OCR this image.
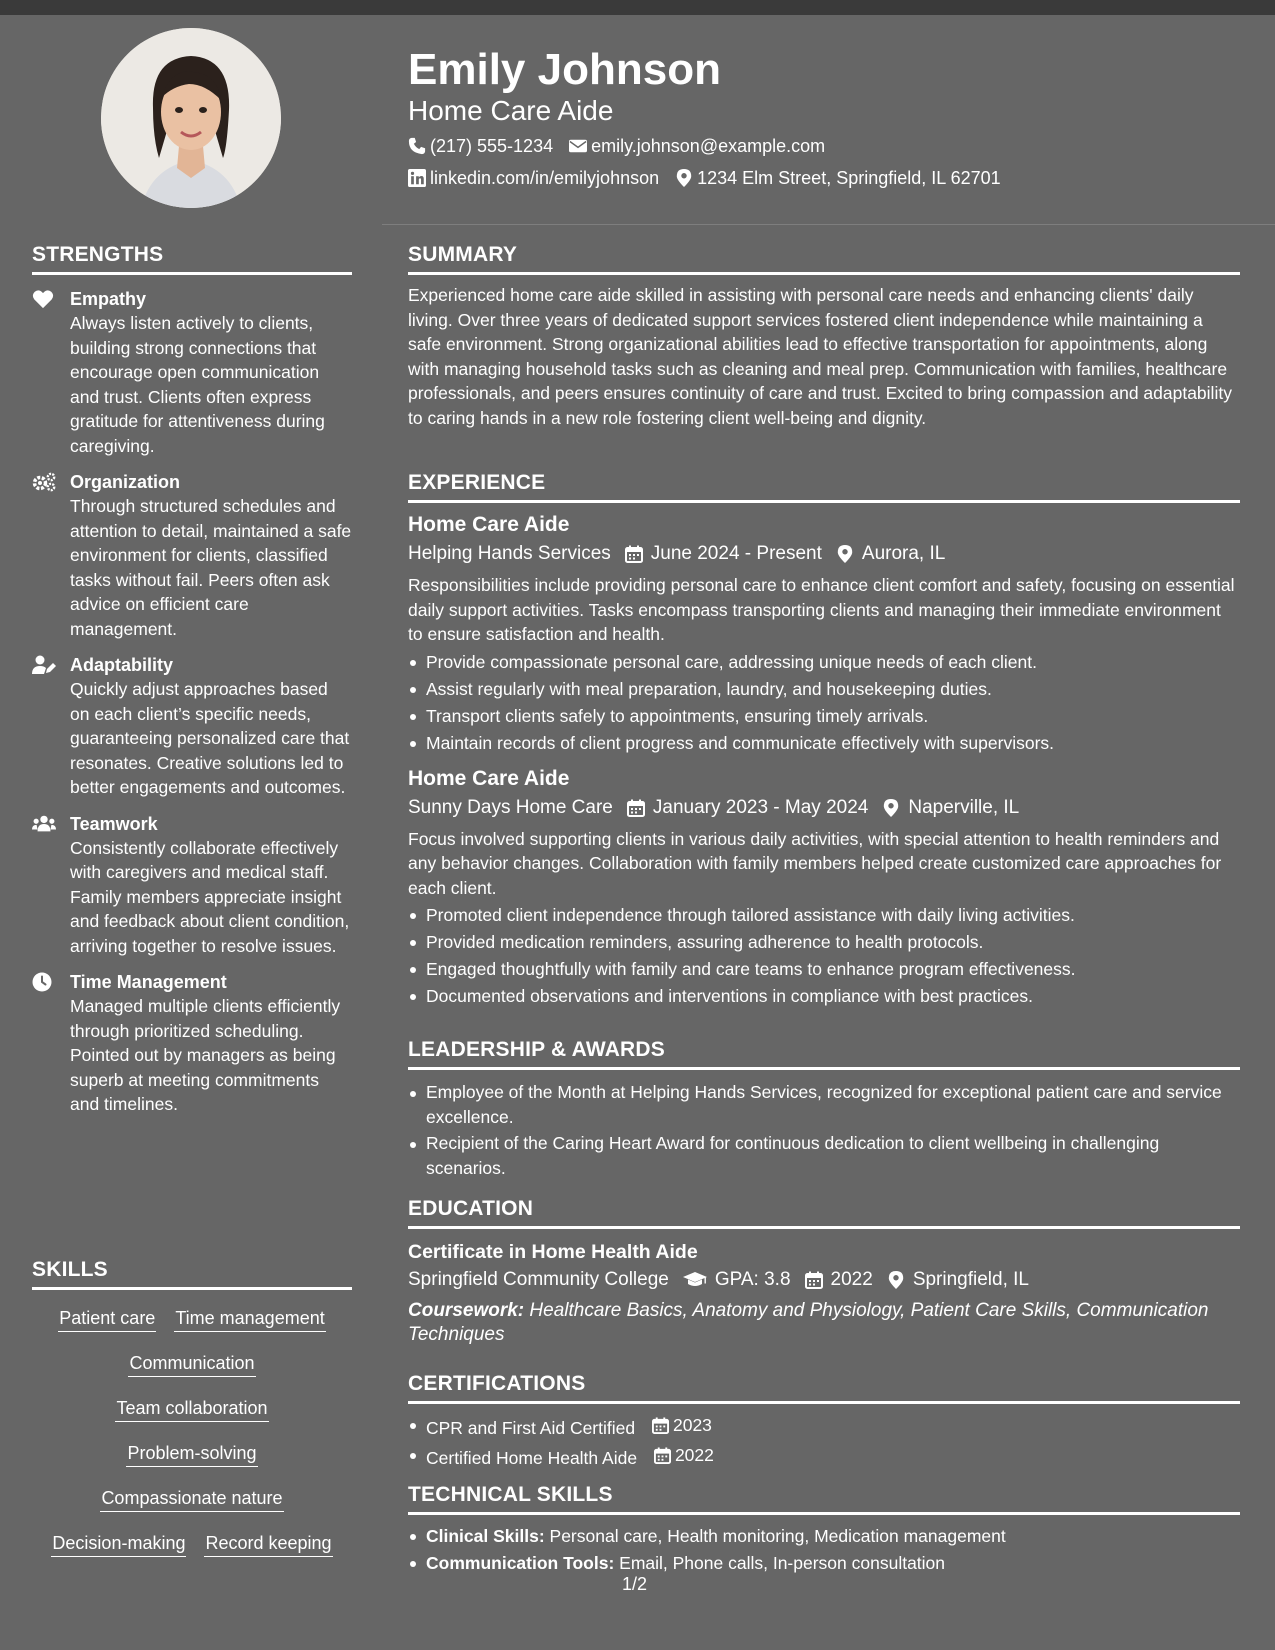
STRENGTHS
Empathy
Always listen actively to clients, building strong connections that encourage open communication and trust. Clients often express gratitude for attentiveness during caregiving.
Organization
Through structured schedules and attention to detail, maintained a safe environment for clients, classified tasks without fail. Peers often ask advice on efficient care management.
Adaptability
Quickly adjust approaches based on each client’s specific needs, guaranteeing personalized care that resonates. Creative solutions led to better engagements and outcomes.
Teamwork
Consistently collaborate effectively with caregivers and medical staff. Family members appreciate insight and feedback about client condition, arriving together to resolve issues.
Time Management
Managed multiple clients efficiently through prioritized scheduling. Pointed out by managers as being superb at meeting commitments and timelines.
SKILLS
Patient care Time management
Communication
Team collaboration
Problem-solving
Compassionate nature
Decision-making Record keeping
Emily Johnson
Home Care Aide
(217) 555-1234 emily.johnson@example.com
linkedin.com/in/emilyjohnson 1234 Elm Street, Springfield, IL 62701
SUMMARY
Experienced home care aide skilled in assisting with personal care needs and enhancing clients' daily living. Over three years of dedicated support services fostered client independence while maintaining a safe environment. Strong organizational abilities lead to effective transportation for appointments, along with managing household tasks such as cleaning and meal prep. Communication with families, healthcare professionals, and peers ensures continuity of care and trust. Excited to bring compassion and adaptability to caring hands in a new role fostering client well-being and dignity.
EXPERIENCE
Home Care Aide
Helping Hands Services June 2024 - Present Aurora, IL
Responsibilities include providing personal care to enhance client comfort and safety, focusing on essential daily support activities. Tasks encompass transporting clients and managing their immediate environment to ensure satisfaction and health.
Provide compassionate personal care, addressing unique needs of each client.
Assist regularly with meal preparation, laundry, and housekeeping duties.
Transport clients safely to appointments, ensuring timely arrivals.
Maintain records of client progress and communicate effectively with supervisors.
Home Care Aide
Sunny Days Home Care January 2023 - May 2024 Naperville, IL
Focus involved supporting clients in various daily activities, with special attention to health reminders and any behavior changes. Collaboration with family members helped create customized care approaches for each client.
Promoted client independence through tailored assistance with daily living activities.
Provided medication reminders, assuring adherence to health protocols.
Engaged thoughtfully with family and care teams to enhance program effectiveness.
Documented observations and interventions in compliance with best practices.
LEADERSHIP & AWARDS
Employee of the Month at Helping Hands Services, recognized for exceptional patient care and service excellence.
Recipient of the Caring Heart Award for continuous dedication to client wellbeing in challenging scenarios.
EDUCATION
Certificate in Home Health Aide
Springfield Community College GPA: 3.8 2022 Springfield, IL
Coursework: Healthcare Basics, Anatomy and Physiology, Patient Care Skills, Communication Techniques
CERTIFICATIONS
CPR and First Aid Certified 2023
Certified Home Health Aide 2022
TECHNICAL SKILLS
Clinical Skills: Personal care, Health monitoring, Medication management
Communication Tools: Email, Phone calls, In-person consultation
1/2
